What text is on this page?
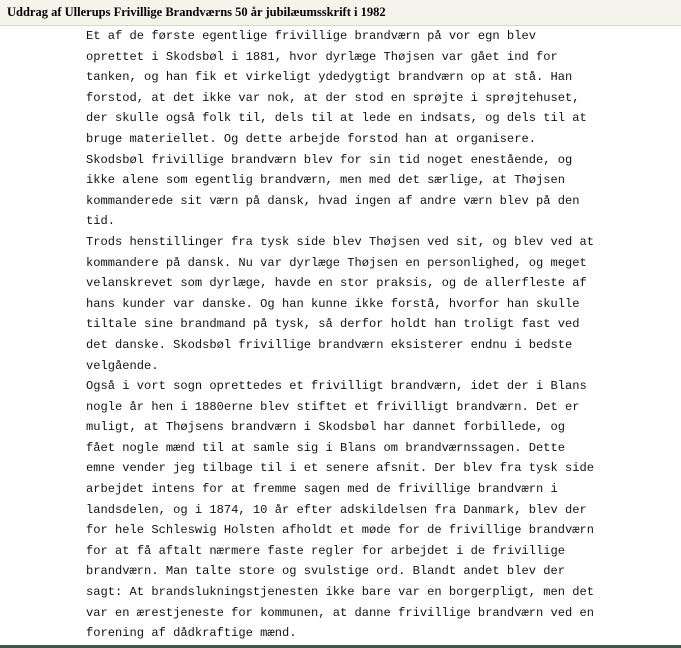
Uddrag af Ullerups Frivillige Brandværns 50 år jubilæumsskrift i 1982
Et af de første egentlige frivillige brandværn på vor egn blev
oprettet i Skodsbøl i 1881, hvor dyrlæge Thøjsen var gået ind for
tanken, og han fik et virkeligt ydedygtigt brandværn op at stå. Han
forstod, at det ikke var nok, at der stod en sprøjte i sprøjtehuset,
der skulle også folk til, dels til at lede en indsats, og dels til at
bruge materiellet. Og dette arbejde forstod han at organisere.
Skodsbøl frivillige brandværn blev for sin tid noget enestående, og
ikke alene som egentlig brandværn, men med det særlige, at Thøjsen
kommanderede sit værn på dansk, hvad ingen af andre værn blev på den
tid.
Trods henstillinger fra tysk side blev Thøjsen ved sit, og blev ved at
kommandere på dansk. Nu var dyrlæge Thøjsen en personlighed, og meget
velanskrevet som dyrlæge, havde en stor praksis, og de allerfleste af
hans kunder var danske. Og han kunne ikke forstå, hvorfor han skulle
tiltale sine brandmand på tysk, så derfor holdt han troligt fast ved
det danske. Skodsbøl frivillige brandværn eksisterer endnu i bedste
velgående.
Også i vort sogn oprettedes et frivilligt brandværn, idet der i Blans
nogle år hen i 1880erne blev stiftet et frivilligt brandværn. Det er
muligt, at Thøjsens brandværn i Skodsbøl har dannet forbillede, og
fået nogle mænd til at samle sig i Blans om brandværnssagen. Dette
emne vender jeg tilbage til i et senere afsnit. Der blev fra tysk side
arbejdet intens for at fremme sagen med de frivillige brandværn i
landsdelen, og i 1874, 10 år efter adskildelsen fra Danmark, blev der
for hele Schleswig Holsten afholdt et møde for de frivillige brandværn
for at få aftalt nærmere faste regler for arbejdet i de frivillige
brandværn. Man talte store og svulstige ord. Blandt andet blev der
sagt: At brandslukningstjenesten ikke bare var en borgerpligt, men det
var en ærestjeneste for kommunen, at danne frivillige brandværn ved en
forening af dådkraftige mænd.
